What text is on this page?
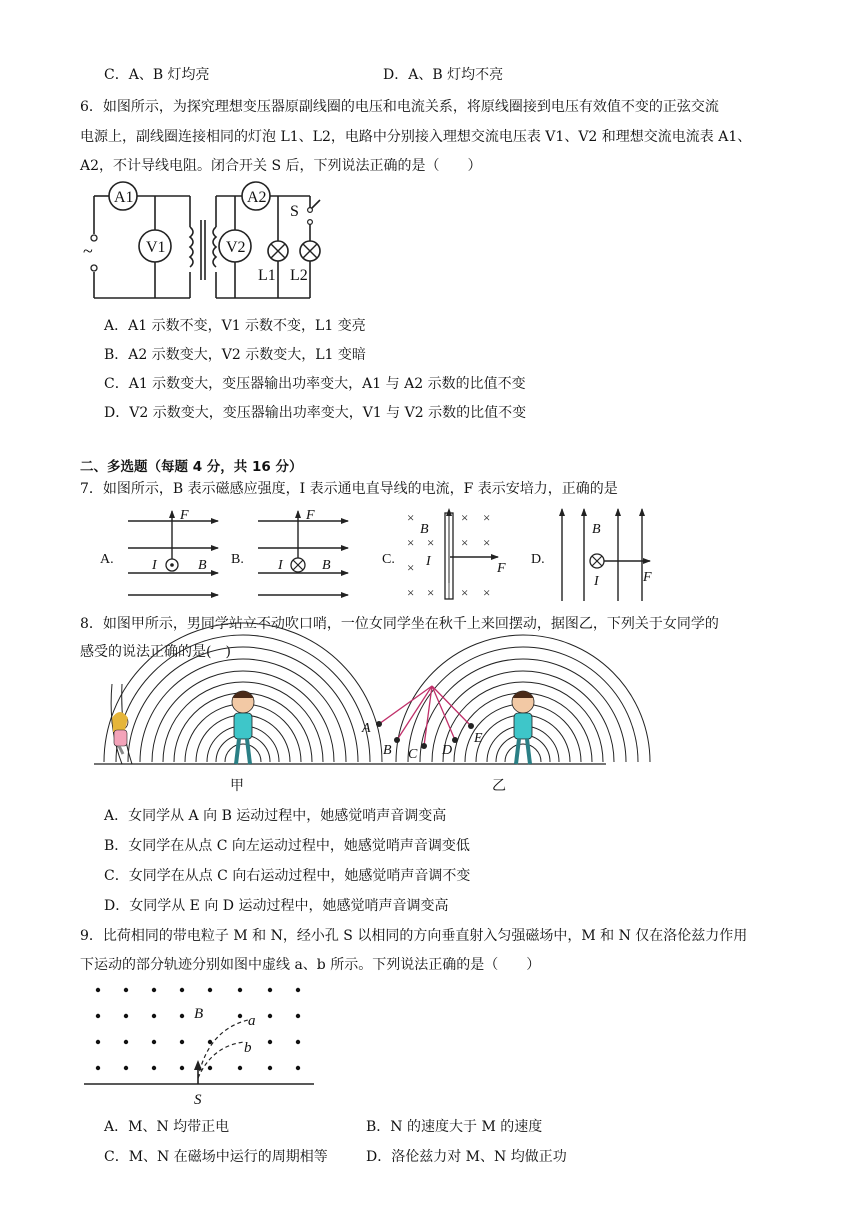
C．A、B 灯均亮	D．A、B 灯均不亮
6．如图所示，为探究理想变压器原副线圈的电压和电流关系，将原线圈接到电压有效值不变的正弦交流
电源上，副线圈连接相同的灯泡 L1、L2，电路中分别接入理想交流电压表 V1、V2 和理想交流电流表 A1、
A2，不计导线电阻。闭合开关 S 后，下列说法正确的是（　　）
~
A1
V1
A2
V2
S
L1 L2
A．A1 示数不变，V1 示数不变，L1 变亮
B．A2 示数变大，V2 示数变大，L1 变暗
C．A1 示数变大，变压器输出功率变大，A1 与 A2 示数的比值不变
D．V2 示数变大，变压器输出功率变大，V1 与 V2 示数的比值不变
二、多选题（每题 4 分，共 16 分）
7．如图所示，B 表示磁感应强度，I 表示通电直导线的电流，F 表示安培力，正确的是
A.	B.	C.	D.
F
I	B
F
I	B
×
×
×
×
×
×
×
×
×
×
×
×
B
I	F
B
I	F
8．如图甲所示，男同学站立不动吹口哨，一位女同学坐在秋千上来回摆动，据图乙，下列关于女同学的
感受的说法正确的是(　)
甲
A
B C D
E
乙
A．女同学从 A 向 B 运动过程中，她感觉哨声音调变高
B．女同学在从点 C 向左运动过程中，她感觉哨声音调变低
C．女同学在从点 C 向右运动过程中，她感觉哨声音调不变
D．女同学从 E 向 D 运动过程中，她感觉哨声音调变高
9．比荷相同的带电粒子 M 和 N，经小孔 S 以相同的方向垂直射入匀强磁场中，M 和 N 仅在洛伦兹力作用
下运动的部分轨迹分别如图中虚线 a、b 所示。下列说法正确的是（　　）
B	a
b
S
A．M、N 均带正电	B．N 的速度大于 M 的速度
C．M、N 在磁场中运行的周期相等	D．洛伦兹力对 M、N 均做正功
